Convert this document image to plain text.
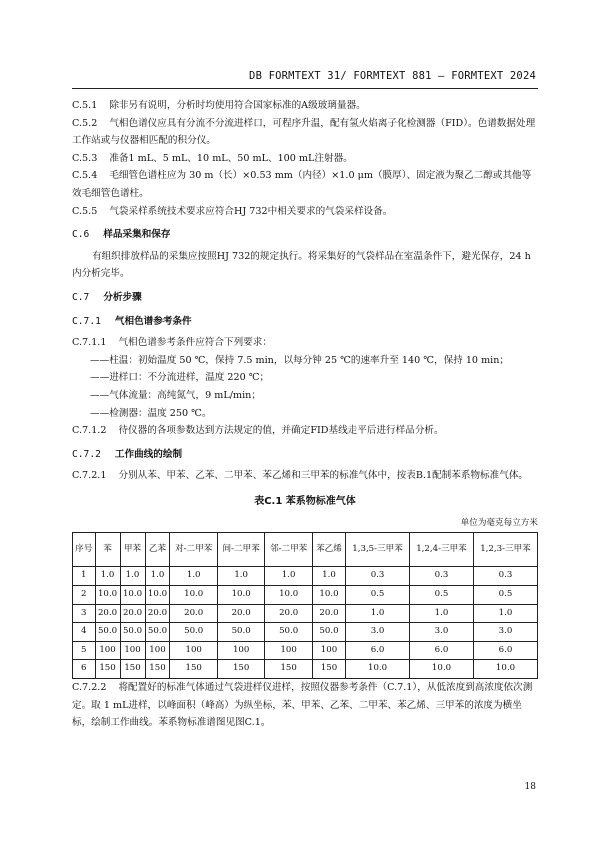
DB FORMTEXT 31/ FORMTEXT 881 — FORMTEXT 2024

C.5.1 除非另有说明，分析时均使用符合国家标准的A级玻璃量器。

C.5.2 气相色谱仪应具有分流不分流进样口，可程序升温，配有氢火焰离子化检测器（FID）。色谱数据处理工作站或与仪器相匹配的积分仪。

C.5.3 准备1 mL、5 mL、10 mL、50 mL、100 mL注射器。

C.5.4 毛细管色谱柱应为 30 m（长）×0.53 mm（内径）×1.0 μm（膜厚）、固定液为聚乙二醇或其他等效毛细管色谱柱。

C.5.5 气袋采样系统技术要求应符合HJ 732中相关要求的气袋采样设备。

C.6 样品采集和保存

有组织排放样品的采集应按照HJ 732的规定执行。将采集好的气袋样品在室温条件下，避光保存，24 h内分析完毕。

C.7 分析步骤

C.7.1 气相色谱参考条件

C.7.1.1 气相色谱参考条件应符合下列要求：

——柱温：初始温度 50 ℃，保持 7.5 min，以每分钟 25 ℃的速率升至 140 ℃，保持 10 min；

——进样口：不分流进样，温度 220 ℃；

——气体流量：高纯氮气，9 mL/min；

——检测器：温度 250 ℃。

C.7.1.2 待仪器的各项参数达到方法规定的值，并确定FID基线走平后进行样品分析。

C.7.2 工作曲线的绘制

C.7.2.1 分别从苯、甲苯、乙苯、二甲苯、苯乙烯和三甲苯的标准气体中，按表B.1配制苯系物标准气体。

表C.1 苯系物标准气体
单位为毫克每立方米
序号	苯	甲苯	乙苯	对-二甲苯	间-二甲苯	邻-二甲苯	苯乙烯	1,3,5-三甲苯	1,2,4-三甲苯	1,2,3-三甲苯
1	1.0	1.0	1.0	1.0	1.0	1.0	1.0	0.3	0.3	0.3
2	10.0	10.0	10.0	10.0	10.0	10.0	10.0	0.5	0.5	0.5
3	20.0	20.0	20.0	20.0	20.0	20.0	20.0	1.0	1.0	1.0
4	50.0	50.0	50.0	50.0	50.0	50.0	50.0	3.0	3.0	3.0
5	100	100	100	100	100	100	100	6.0	6.0	6.0
6	150	150	150	150	150	150	150	10.0	10.0	10.0

C.7.2.2 将配置好的标准气体通过气袋进样仪进样，按照仪器参考条件（C.7.1），从低浓度到高浓度依次测定。取 1 mL进样，以峰面积（峰高）为纵坐标，苯、甲苯、乙苯、二甲苯、苯乙烯、三甲苯的浓度为横坐标，绘制工作曲线。苯系物标准谱图见图C.1。

18
